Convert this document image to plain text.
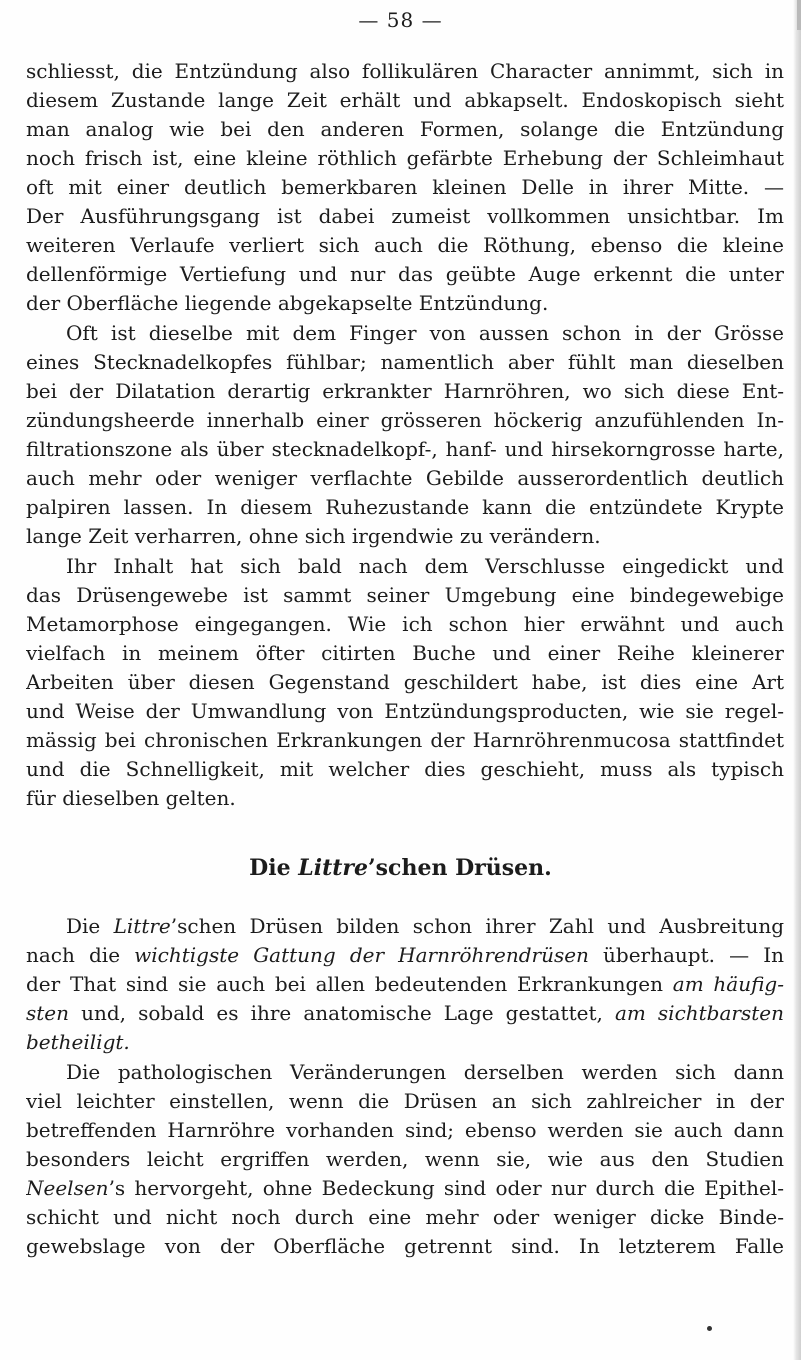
— 58 —
schliesst, die Entzündung also follikulären Character annimmt, sich in
diesem Zustande lange Zeit erhält und abkapselt. Endoskopisch sieht
man analog wie bei den anderen Formen, solange die Entzündung
noch frisch ist, eine kleine röthlich gefärbte Erhebung der Schleimhaut
oft mit einer deutlich bemerkbaren kleinen Delle in ihrer Mitte. —
Der Ausführungsgang ist dabei zumeist vollkommen unsichtbar. Im
weiteren Verlaufe verliert sich auch die Röthung, ebenso die kleine
dellenförmige Vertiefung und nur das geübte Auge erkennt die unter
der Oberfläche liegende abgekapselte Entzündung.
Oft ist dieselbe mit dem Finger von aussen schon in der Grösse
eines Stecknadelkopfes fühlbar; namentlich aber fühlt man dieselben
bei der Dilatation derartig erkrankter Harnröhren, wo sich diese Ent-
zündungsheerde innerhalb einer grösseren höckerig anzufühlenden In-
filtrationszone als über stecknadelkopf-, hanf- und hirsekorngrosse harte,
auch mehr oder weniger verflachte Gebilde ausserordentlich deutlich
palpiren lassen. In diesem Ruhezustande kann die entzündete Krypte
lange Zeit verharren, ohne sich irgendwie zu verändern.
Ihr Inhalt hat sich bald nach dem Verschlusse eingedickt und
das Drüsengewebe ist sammt seiner Umgebung eine bindegewebige
Metamorphose eingegangen. Wie ich schon hier erwähnt und auch
vielfach in meinem öfter citirten Buche und einer Reihe kleinerer
Arbeiten über diesen Gegenstand geschildert habe, ist dies eine Art
und Weise der Umwandlung von Entzündungsproducten, wie sie regel-
mässig bei chronischen Erkrankungen der Harnröhrenmucosa stattfindet
und die Schnelligkeit, mit welcher dies geschieht, muss als typisch
für dieselben gelten.
Die Littre’schen Drüsen.
Die Littre’schen Drüsen bilden schon ihrer Zahl und Ausbreitung
nach die wichtigste Gattung der Harnröhrendrüsen überhaupt. — In
der That sind sie auch bei allen bedeutenden Erkrankungen am häufig-
sten und, sobald es ihre anatomische Lage gestattet, am sichtbarsten
betheiligt.
Die pathologischen Veränderungen derselben werden sich dann
viel leichter einstellen, wenn die Drüsen an sich zahlreicher in der
betreffenden Harnröhre vorhanden sind; ebenso werden sie auch dann
besonders leicht ergriffen werden, wenn sie, wie aus den Studien
Neelsen’s hervorgeht, ohne Bedeckung sind oder nur durch die Epithel-
schicht und nicht noch durch eine mehr oder weniger dicke Binde-
gewebslage von der Oberfläche getrennt sind. In letzterem Falle
